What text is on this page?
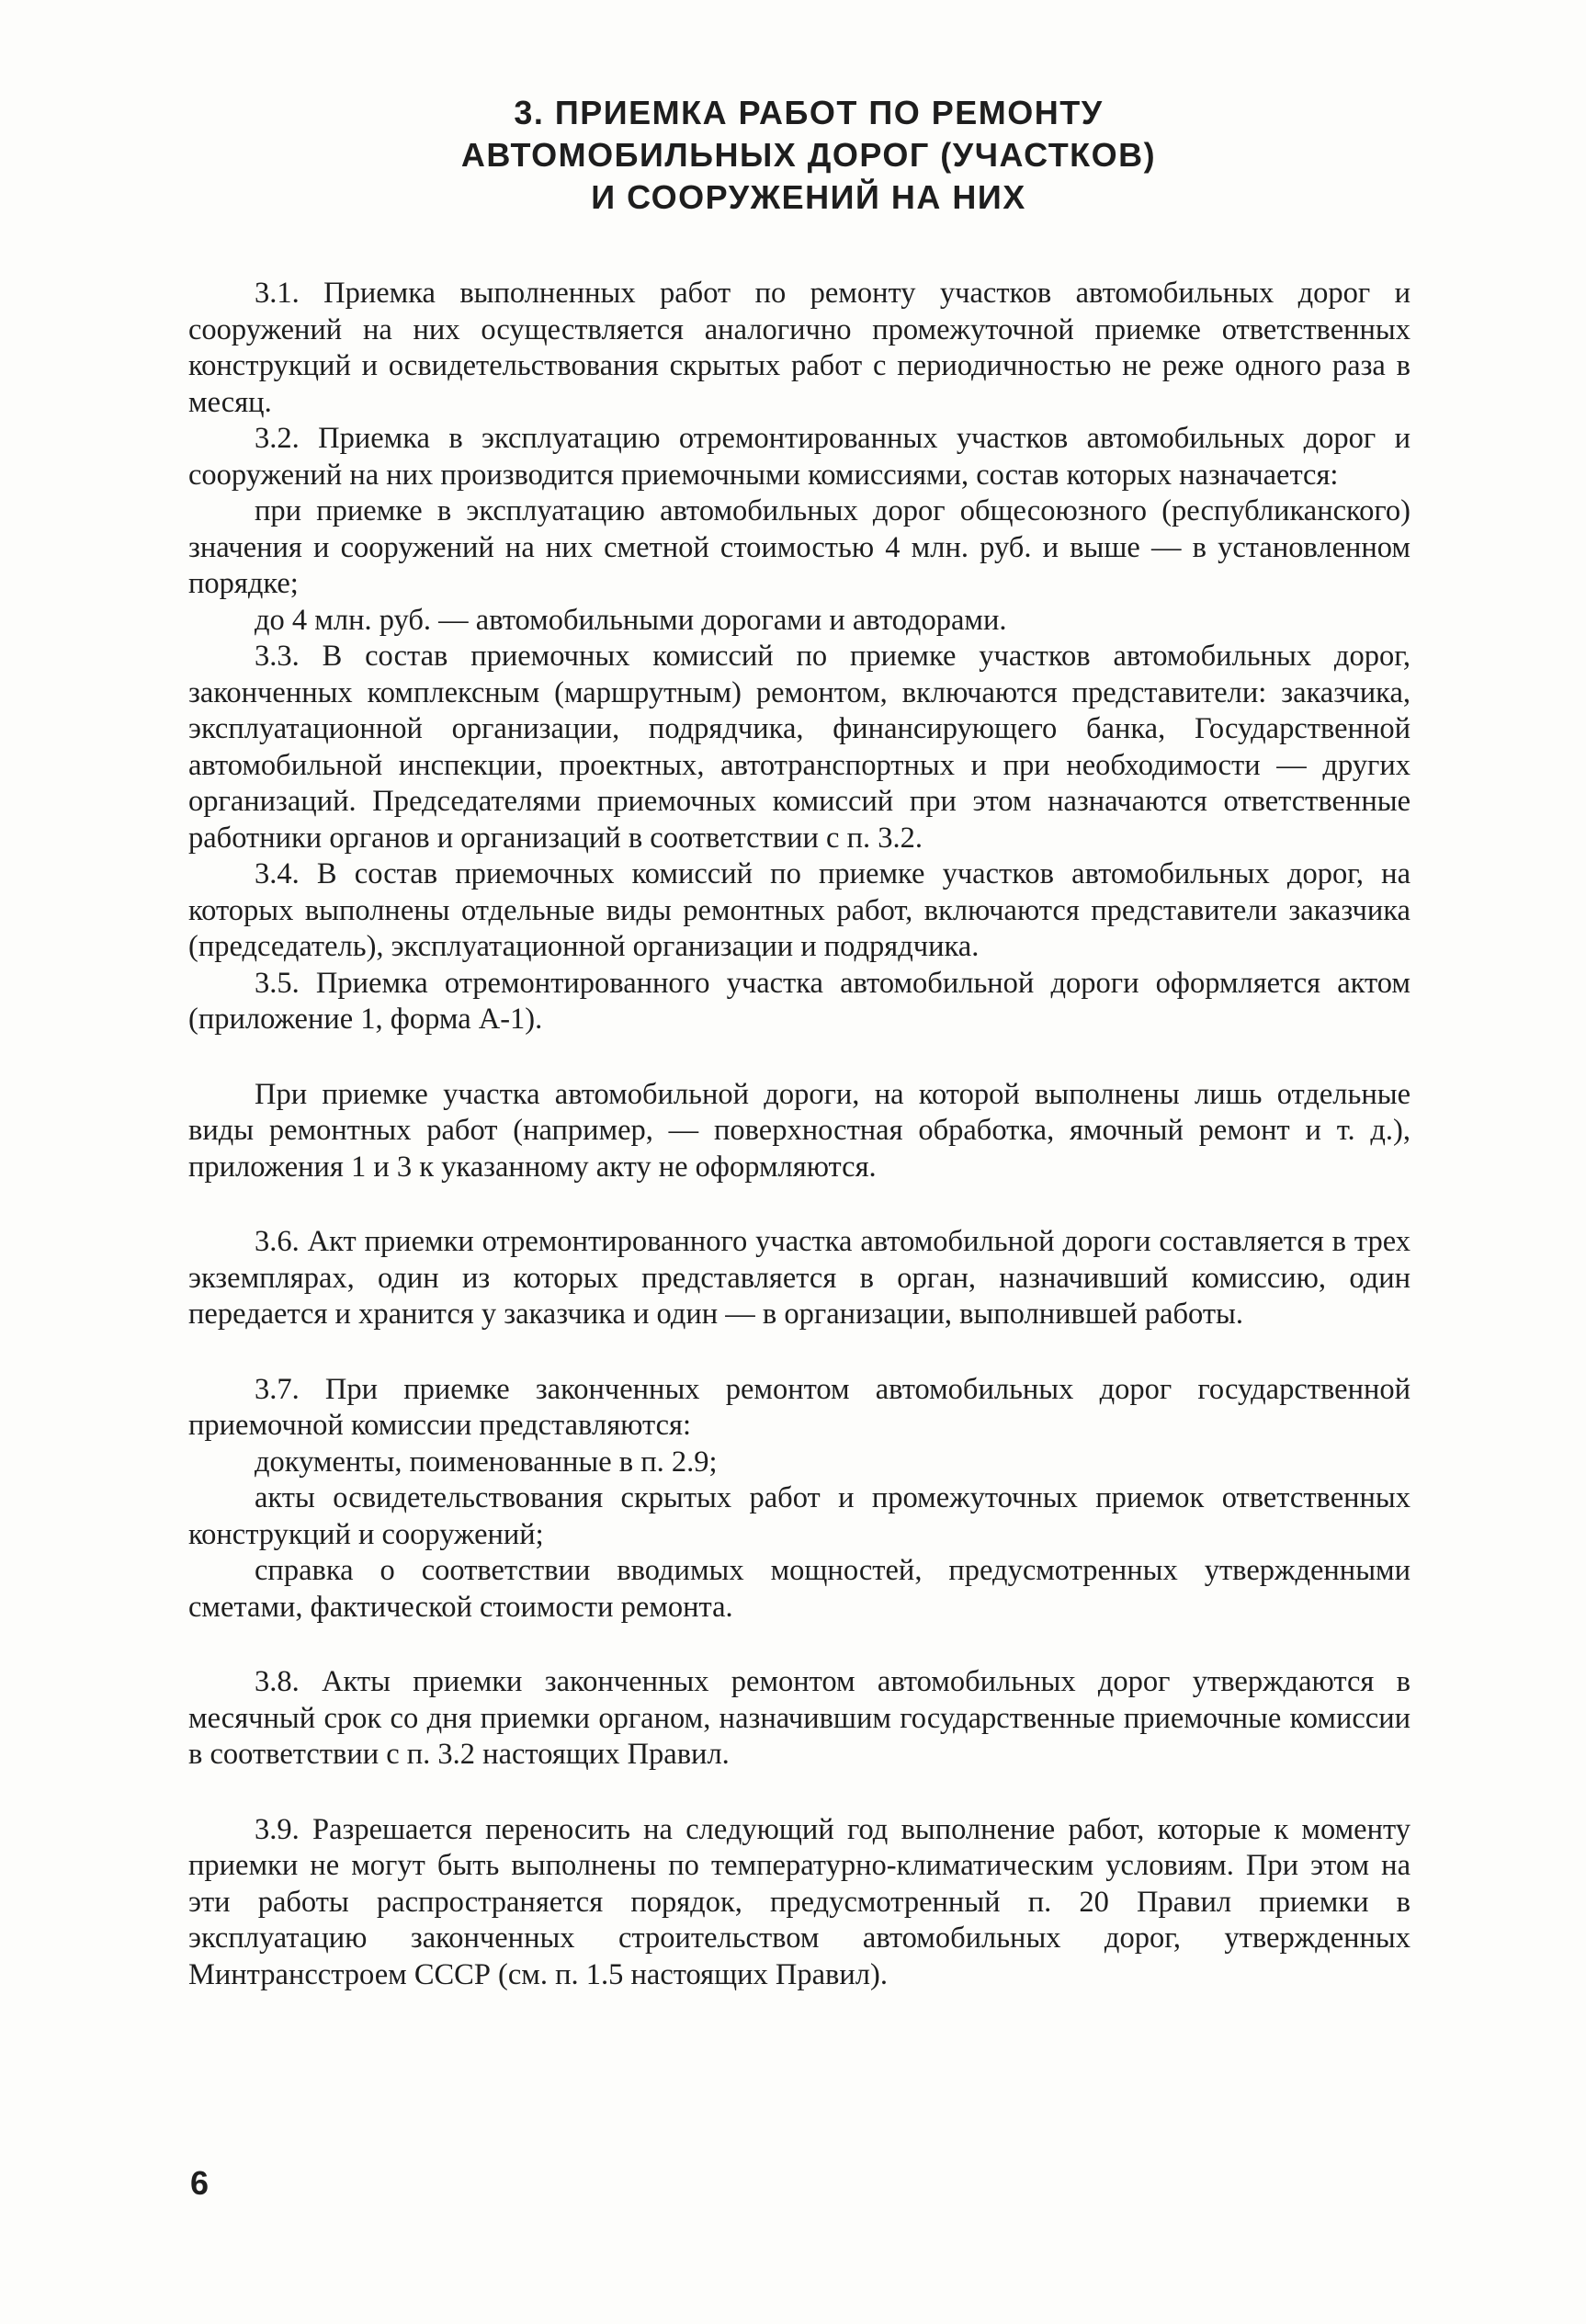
3. ПРИЕМКА РАБОТ ПО РЕМОНТУ
АВТОМОБИЛЬНЫХ ДОРОГ (УЧАСТКОВ)
И СООРУЖЕНИЙ НА НИХ

3.1. Приемка выполненных работ по ремонту участков автомобильных дорог и сооружений на них осуществляется аналогично промежуточной приемке ответственных конструкций и освидетельствования скрытых работ с периодичностью не реже одного раза в месяц.

3.2. Приемка в эксплуатацию отремонтированных участков автомобильных дорог и сооружений на них производится приемочными комиссиями, состав которых назначается:

при приемке в эксплуатацию автомобильных дорог общесоюзного (республиканского) значения и сооружений на них сметной стоимостью 4 млн. руб. и выше — в установленном порядке;

до 4 млн. руб. — автомобильными дорогами и автодорами.

3.3. В состав приемочных комиссий по приемке участков автомобильных дорог, законченных комплексным (маршрутным) ремонтом, включаются представители: заказчика, эксплуатационной организации, подрядчика, финансирующего банка, Государственной автомобильной инспекции, проектных, автотранспортных и при необходимости — других организаций. Председателями приемочных комиссий при этом назначаются ответственные работники органов и организаций в соответствии с п. 3.2.

3.4. В состав приемочных комиссий по приемке участков автомобильных дорог, на которых выполнены отдельные виды ремонтных работ, включаются представители заказчика (председатель), эксплуатационной организации и подрядчика.

3.5. Приемка отремонтированного участка автомобильной дороги оформляется актом (приложение 1, форма А-1).

При приемке участка автомобильной дороги, на которой выполнены лишь отдельные виды ремонтных работ (например, — поверхностная обработка, ямочный ремонт и т. д.), приложения 1 и 3 к указанному акту не оформляются.

3.6. Акт приемки отремонтированного участка автомобильной дороги составляется в трех экземплярах, один из которых представляется в орган, назначивший комиссию, один передается и хранится у заказчика и один — в организации, выполнившей работы.

3.7. При приемке законченных ремонтом автомобильных дорог государственной приемочной комиссии представляются:

документы, поименованные в п. 2.9;

акты освидетельствования скрытых работ и промежуточных приемок ответственных конструкций и сооружений;

справка о соответствии вводимых мощностей, предусмотренных утвержденными сметами, фактической стоимости ремонта.

3.8. Акты приемки законченных ремонтом автомобильных дорог утверждаются в месячный срок со дня приемки органом, назначившим государственные приемочные комиссии в соответствии с п. 3.2 настоящих Правил.

3.9. Разрешается переносить на следующий год выполнение работ, которые к моменту приемки не могут быть выполнены по температурно-климатическим условиям. При этом на эти работы распространяется порядок, предусмотренный п. 20 Правил приемки в эксплуатацию законченных строительством автомобильных дорог, утвержденных Минтрансстроем СССР (см. п. 1.5 настоящих Правил).

6
